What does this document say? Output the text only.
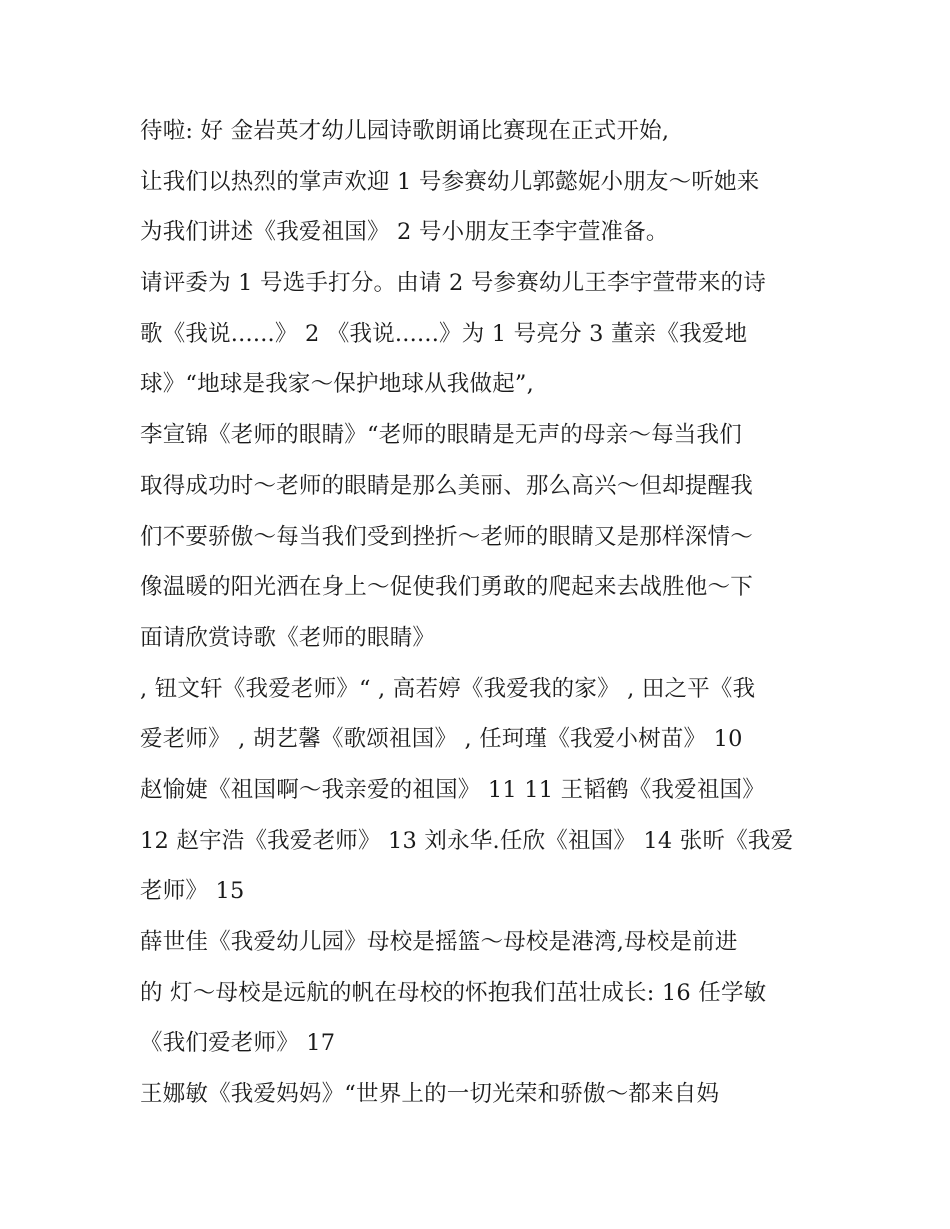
待啦: 好 金岩英才幼儿园诗歌朗诵比赛现在正式开始,
让我们以热烈的掌声欢迎 1 号参赛幼儿郭懿妮小朋友～听她来
为我们讲述《我爱祖国》 2 号小朋友王李宇萱准备。
请评委为 1 号选手打分。由请 2 号参赛幼儿王李宇萱带来的诗
歌《我说......》 2 《我说......》为 1 号亮分 3 董亲《我爱地
球》“地球是我家～保护地球从我做起”,
李宣锦《老师的眼睛》“老师的眼睛是无声的母亲～每当我们
取得成功时～老师的眼睛是那么美丽、那么高兴～但却提醒我
们不要骄傲～每当我们受到挫折～老师的眼睛又是那样深情～
像温暖的阳光洒在身上～促使我们勇敢的爬起来去战胜他～下
面请欣赏诗歌《老师的眼睛》
, 钮文轩《我爱老师》“ , 高若婷《我爱我的家》 , 田之平《我
爱老师》 , 胡艺馨《歌颂祖国》 , 任珂瑾《我爱小树苗》 10
赵愉婕《祖国啊～我亲爱的祖国》 11 11 王韬鹤《我爱祖国》
12 赵宇浩《我爱老师》 13 刘永华.任欣《祖国》 14 张昕《我爱
老师》 15
薛世佳《我爱幼儿园》母校是摇篮～母校是港湾,母校是前进
的 灯～母校是远航的帆在母校的怀抱我们茁壮成长: 16 任学敏
《我们爱老师》 17
王娜敏《我爱妈妈》“世界上的一切光荣和骄傲～都来自妈
